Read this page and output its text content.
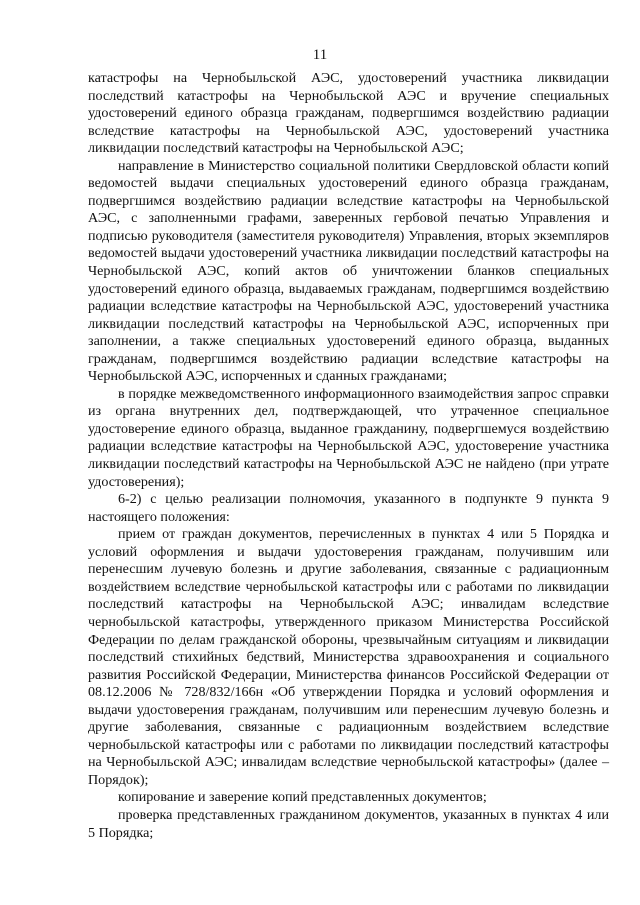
11

катастрофы на Чернобыльской АЭС, удостоверений участника ликвидации последствий катастрофы на Чернобыльской АЭС и вручение специальных удостоверений единого образца гражданам, подвергшимся воздействию радиации вследствие катастрофы на Чернобыльской АЭС, удостоверений участника ликвидации последствий катастрофы на Чернобыльской АЭС;

направление в Министерство социальной политики Свердловской области копий ведомостей выдачи специальных удостоверений единого образца гражданам, подвергшимся воздействию радиации вследствие катастрофы на Чернобыльской АЭС, с заполненными графами, заверенных гербовой печатью Управления и подписью руководителя (заместителя руководителя) Управления, вторых экземпляров ведомостей выдачи удостоверений участника ликвидации последствий катастрофы на Чернобыльской АЭС, копий актов об уничтожении бланков специальных удостоверений единого образца, выдаваемых гражданам, подвергшимся воздействию радиации вследствие катастрофы на Чернобыльской АЭС, удостоверений участника ликвидации последствий катастрофы на Чернобыльской АЭС, испорченных при заполнении, а также специальных удостоверений единого образца, выданных гражданам, подвергшимся воздействию радиации вследствие катастрофы на Чернобыльской АЭС, испорченных и сданных гражданами;

в порядке межведомственного информационного взаимодействия запрос справки из органа внутренних дел, подтверждающей, что утраченное специальное удостоверение единого образца, выданное гражданину, подвергшемуся воздействию радиации вследствие катастрофы на Чернобыльской АЭС, удостоверение участника ликвидации последствий катастрофы на Чернобыльской АЭС не найдено (при утрате удостоверения);

6-2) с целью реализации полномочия, указанного в подпункте 9 пункта 9 настоящего положения:

прием от граждан документов, перечисленных в пунктах 4 или 5 Порядка и условий оформления и выдачи удостоверения гражданам, получившим или перенесшим лучевую болезнь и другие заболевания, связанные с радиационным воздействием вследствие чернобыльской катастрофы или с работами по ликвидации последствий катастрофы на Чернобыльской АЭС; инвалидам вследствие чернобыльской катастрофы, утвержденного приказом Министерства Российской Федерации по делам гражданской обороны, чрезвычайным ситуациям и ликвидации последствий стихийных бедствий, Министерства здравоохранения и социального развития Российской Федерации, Министерства финансов Российской Федерации от 08.12.2006 № 728/832/166н «Об утверждении Порядка и условий оформления и выдачи удостоверения гражданам, получившим или перенесшим лучевую болезнь и другие заболевания, связанные с радиационным воздействием вследствие чернобыльской катастрофы или с работами по ликвидации последствий катастрофы на Чернобыльской АЭС; инвалидам вследствие чернобыльской катастрофы» (далее – Порядок);

копирование и заверение копий представленных документов;

проверка представленных гражданином документов, указанных в пунктах 4 или 5 Порядка;
